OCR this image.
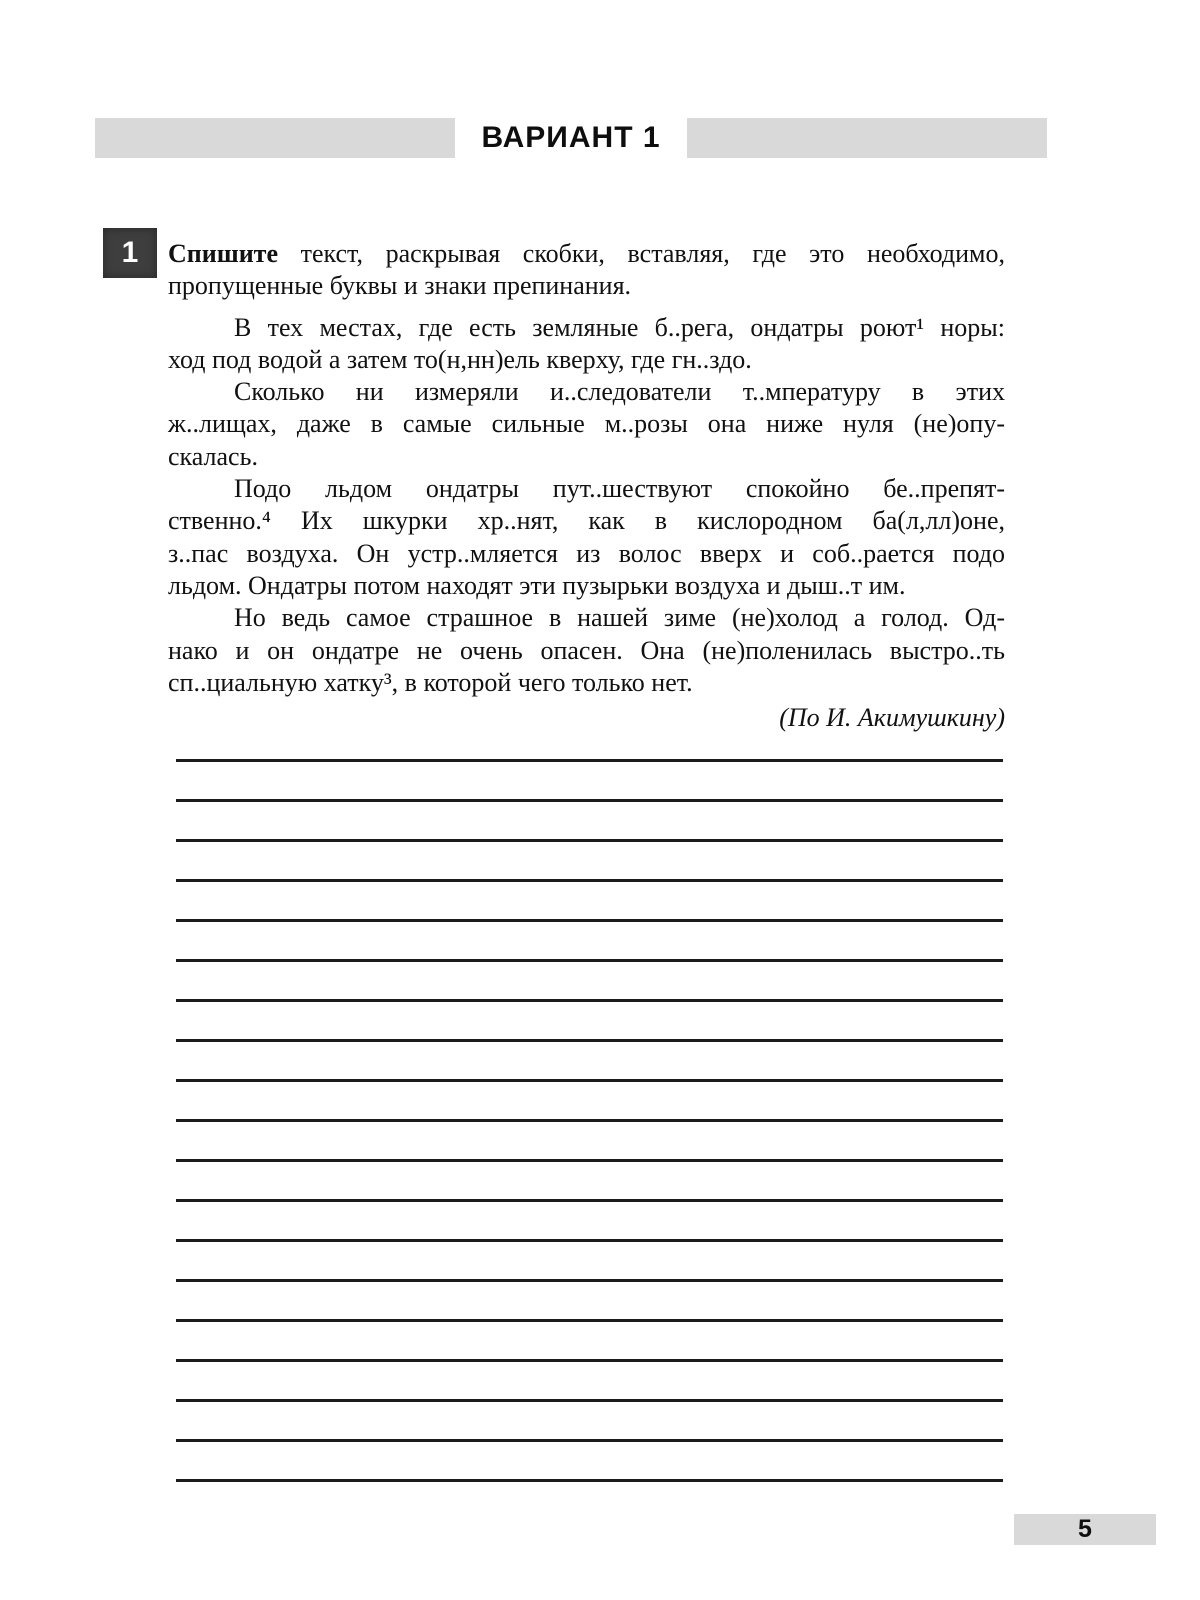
ВАРИАНТ 1
1	Спишите текст, раскрывая скобки, вставляя, где это необходимо,
пропущенные буквы и знаки препинания.
В тех местах, где есть земляные б..рега, ондатры роют¹ норы:
ход под водой а затем то(н,нн)ель кверху, где гн..здо.
Сколько ни измеряли и..следователи т..мпературу в этих
ж..лищах, даже в самые сильные м..розы она ниже нуля (не)опу-
скалась.
Подо льдом ондатры пут..шествуют спокойно бе..препят-
ственно.⁴ Их шкурки хр..нят, как в кислородном ба(л,лл)оне,
з..пас воздуха. Он устр..мляется из волос вверх и соб..рается подо
льдом. Ондатры потом находят эти пузырьки воздуха и дыш..т им.
Но ведь самое страшное в нашей зиме (не)холод а голод. Од-
нако и он ондатре не очень опасен. Она (не)поленилась выстро..ть
сп..циальную хатку³, в которой чего только нет.
(По И. Акимушкину)
5
